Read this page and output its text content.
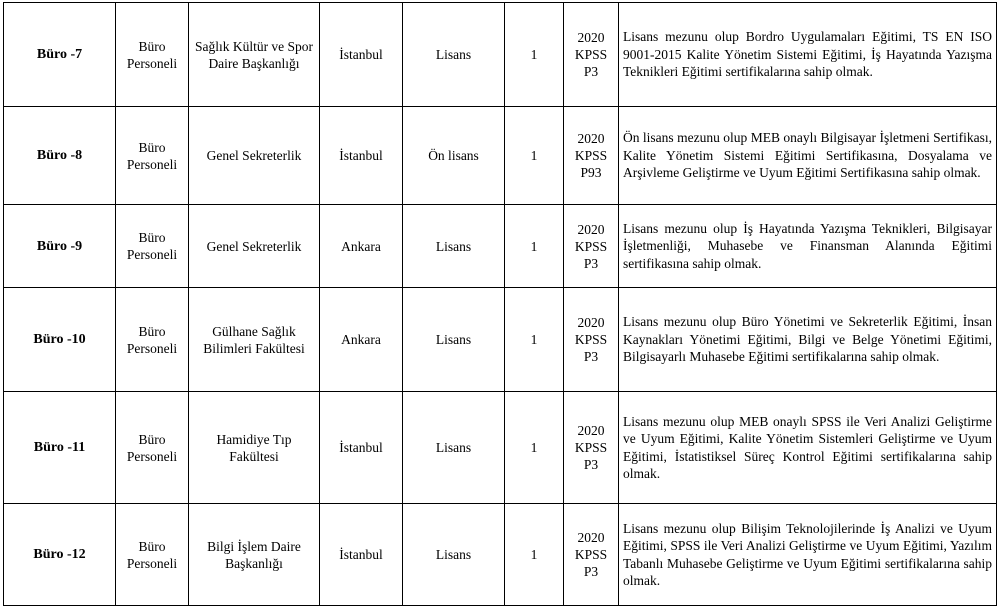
Büro -7	Büro Personeli	Sağlık Kültür ve Spor Daire Başkanlığı	İstanbul	Lisans	1	2020 KPSS P3	Lisans mezunu olup Bordro Uygulamaları Eğitimi, TS EN ISO 9001-2015 Kalite Yönetim Sistemi Eğitimi, İş Hayatında Yazışma Teknikleri Eğitimi sertifikalarına sahip olmak.
Büro -8	Büro Personeli	Genel Sekreterlik	İstanbul	Ön lisans	1	2020 KPSS P93	Ön lisans mezunu olup MEB onaylı Bilgisayar İşletmeni Sertifikası, Kalite Yönetim Sistemi Eğitimi Sertifikasına, Dosyalama ve Arşivleme Geliştirme ve Uyum Eğitimi Sertifikasına sahip olmak.
Büro -9	Büro Personeli	Genel Sekreterlik	Ankara	Lisans	1	2020 KPSS P3	Lisans mezunu olup İş Hayatında Yazışma Teknikleri, Bilgisayar İşletmenliği, Muhasebe ve Finansman Alanında Eğitimi sertifikasına sahip olmak.
Büro -10	Büro Personeli	Gülhane Sağlık Bilimleri Fakültesi	Ankara	Lisans	1	2020 KPSS P3	Lisans mezunu olup Büro Yönetimi ve Sekreterlik Eğitimi, İnsan Kaynakları Yönetimi Eğitimi, Bilgi ve Belge Yönetimi Eğitimi, Bilgisayarlı Muhasebe Eğitimi sertifikalarına sahip olmak.
Büro -11	Büro Personeli	Hamidiye Tıp Fakültesi	İstanbul	Lisans	1	2020 KPSS P3	Lisans mezunu olup MEB onaylı SPSS ile Veri Analizi Geliştirme ve Uyum Eğitimi, Kalite Yönetim Sistemleri Geliştirme ve Uyum Eğitimi, İstatistiksel Süreç Kontrol Eğitimi sertifikalarına sahip olmak.
Büro -12	Büro Personeli	Bilgi İşlem Daire Başkanlığı	İstanbul	Lisans	1	2020 KPSS P3	Lisans mezunu olup Bilişim Teknolojilerinde İş Analizi ve Uyum Eğitimi, SPSS ile Veri Analizi Geliştirme ve Uyum Eğitimi, Yazılım Tabanlı Muhasebe Geliştirme ve Uyum Eğitimi sertifikalarına sahip olmak.
